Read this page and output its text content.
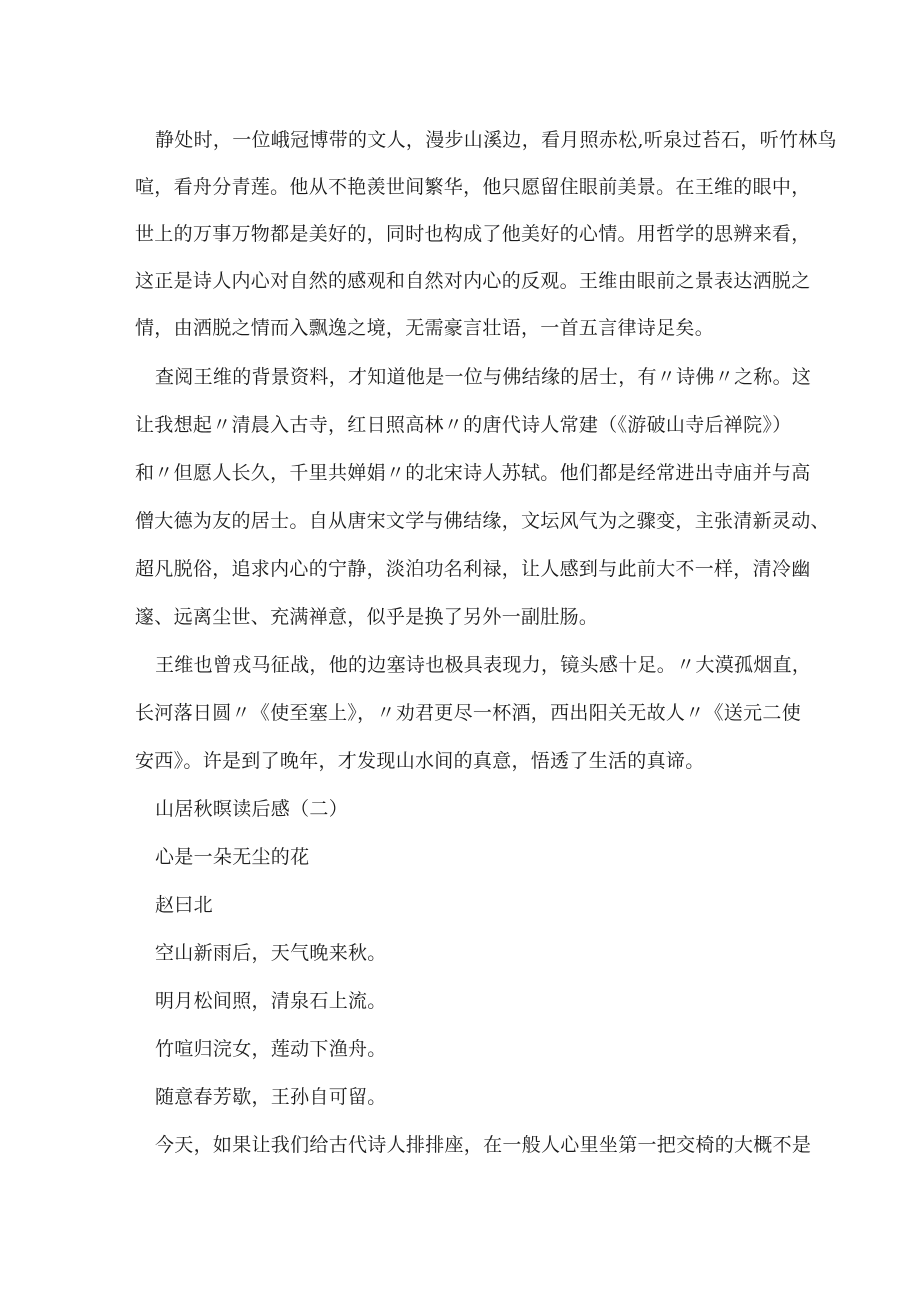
静处时，一位峨冠博带的文人，漫步山溪边，看月照赤松,听泉过苔石，听竹林鸟
喧，看舟分青莲。他从不艳羡世间繁华，他只愿留住眼前美景。在王维的眼中，
世上的万事万物都是美好的，同时也构成了他美好的心情。用哲学的思辨来看，
这正是诗人内心对自然的感观和自然对内心的反观。王维由眼前之景表达洒脱之
情，由洒脱之情而入飘逸之境，无需豪言壮语，一首五言律诗足矣。
查阅王维的背景资料，才知道他是一位与佛结缘的居士，有〃诗佛〃之称。这
让我想起〃清晨入古寺，红日照高林〃的唐代诗人常建（《游破山寺后禅院》）
和〃但愿人长久，千里共婵娟〃的北宋诗人苏轼。他们都是经常进出寺庙并与高
僧大德为友的居士。自从唐宋文学与佛结缘，文坛风气为之骤变，主张清新灵动、
超凡脱俗，追求内心的宁静，淡泊功名利禄，让人感到与此前大不一样，清冷幽
邃、远离尘世、充满禅意，似乎是换了另外一副肚肠。
王维也曾戎马征战，他的边塞诗也极具表现力，镜头感十足。〃大漠孤烟直，
长河落日圆〃《使至塞上》，〃劝君更尽一杯酒，西出阳关无故人〃《送元二使
安西》。许是到了晚年，才发现山水间的真意，悟透了生活的真谛。
山居秋暝读后感（二）
心是一朵无尘的花
赵曰北
空山新雨后，天气晚来秋。
明月松间照，清泉石上流。
竹喧归浣女，莲动下渔舟。
随意春芳歇，王孙自可留。
今天，如果让我们给古代诗人排排座，在一般人心里坐第一把交椅的大概不是
